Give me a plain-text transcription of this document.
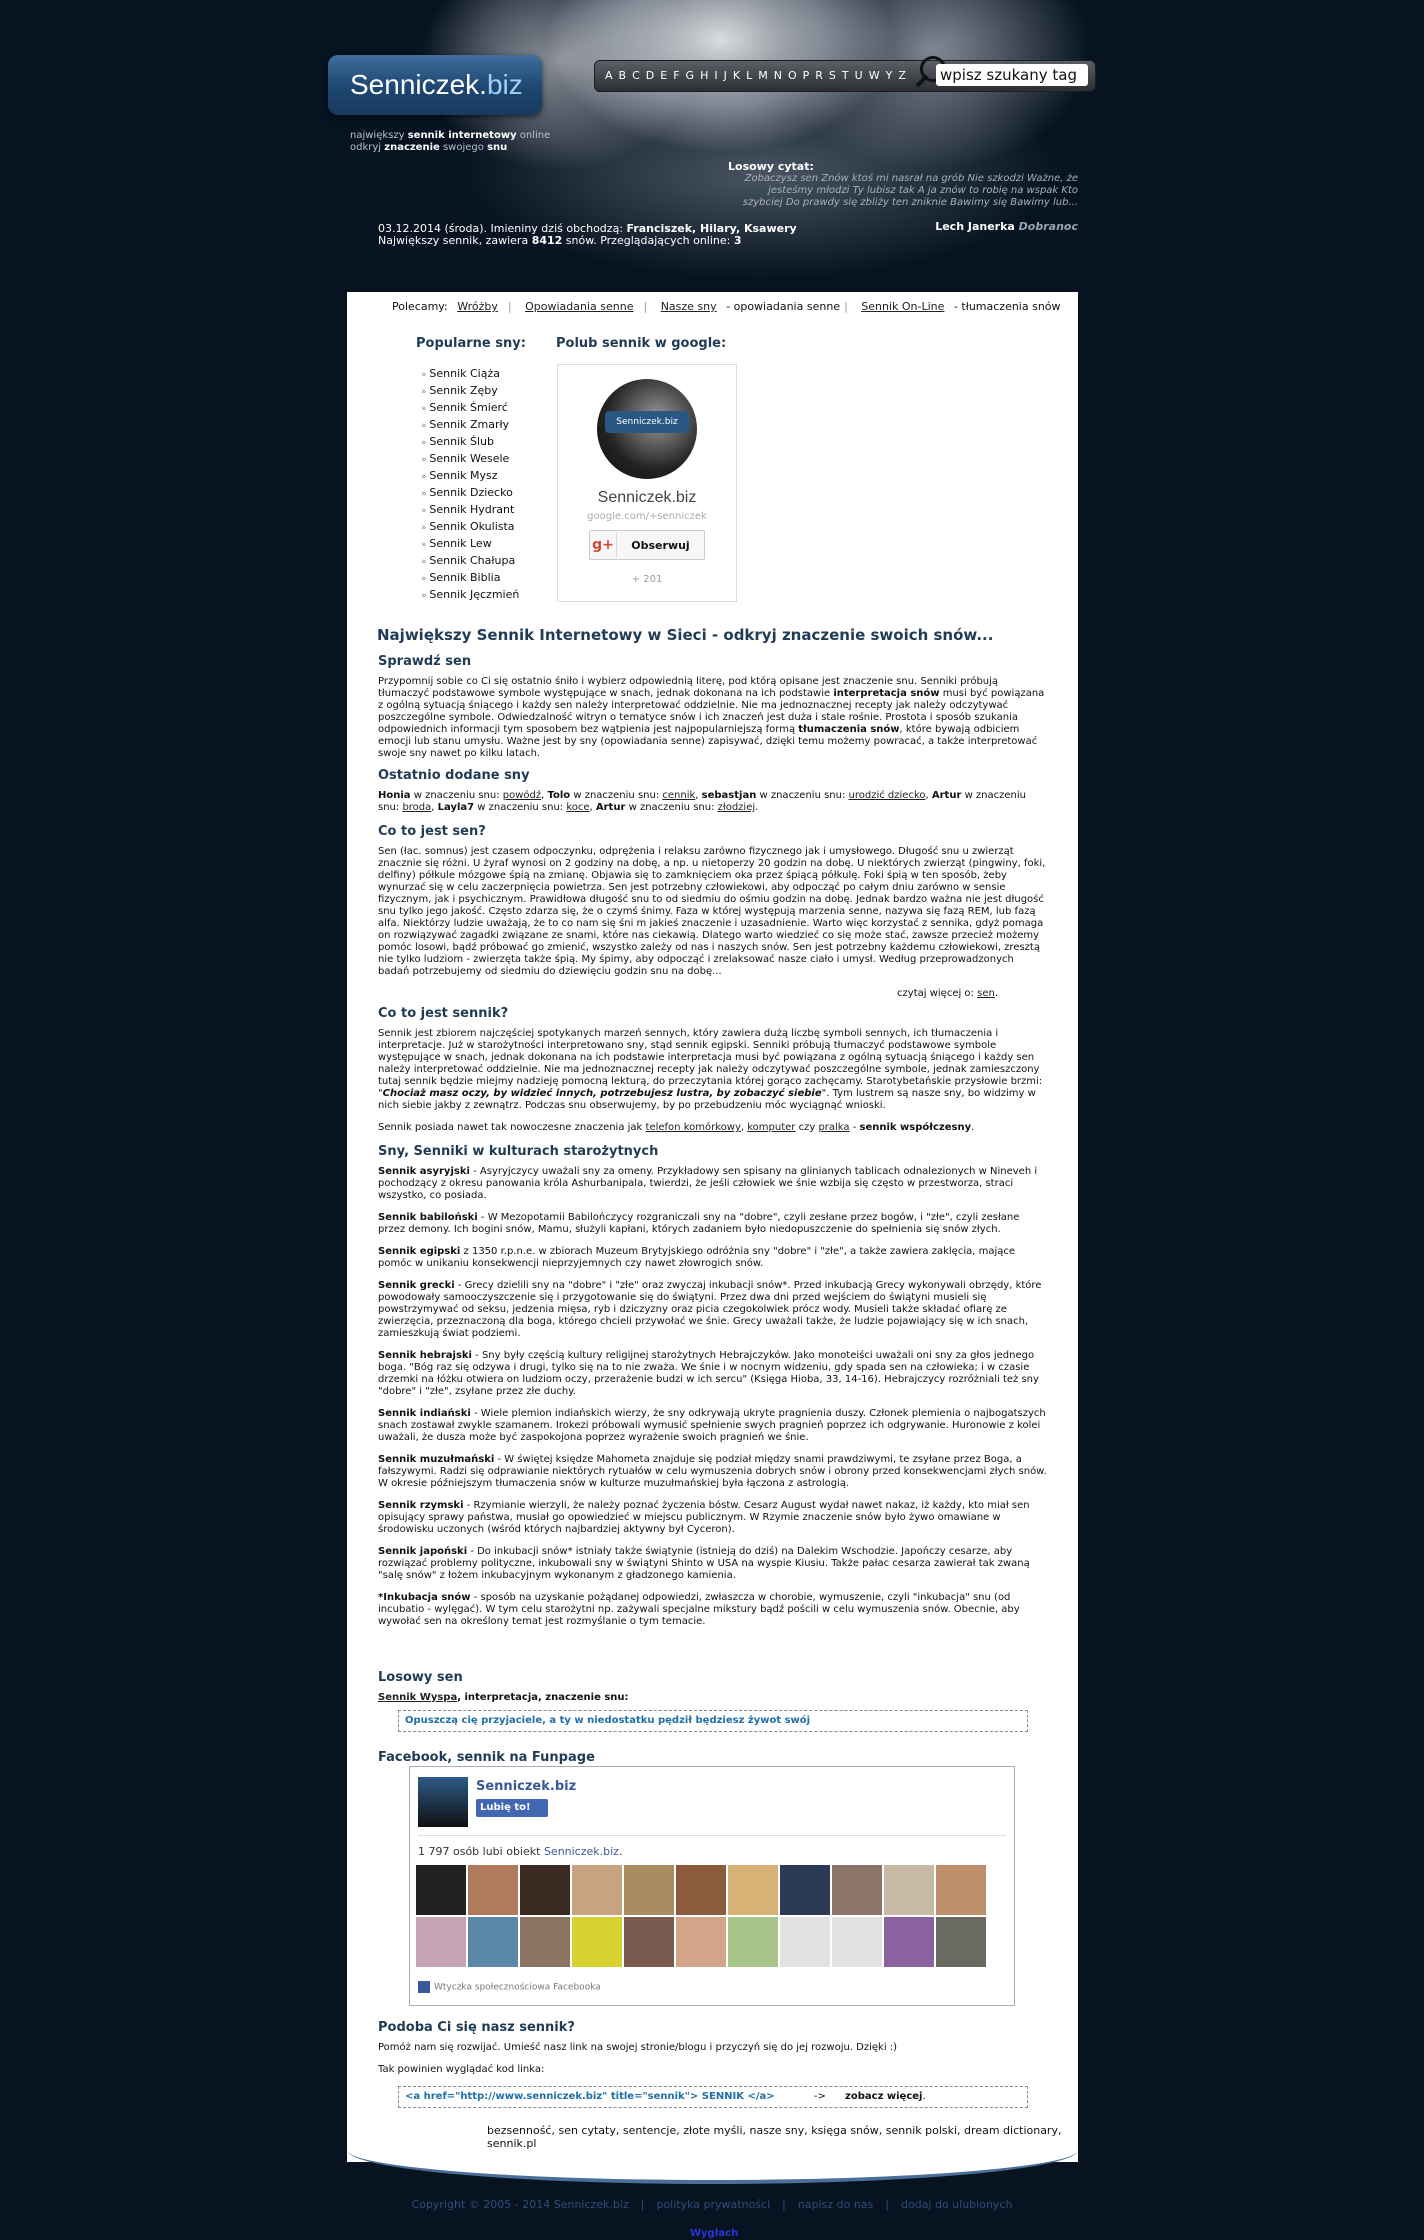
Senniczek.biz
największy sennik internetowy online
odkryj znaczenie swojego snu
A B C D E F G H I J K L M N O P R S T U W Y Z
wpisz szukany tag
Losowy cytat:
Zobaczysz sen Znów ktoś mi nasrał na grób Nie szkodzi Ważne, że jesteśmy młodzi Ty lubisz tak A ja znów to robię na wspak Kto szybciej Do prawdy się zbliży ten zniknie Bawimy się Bawimy lub...
Lech Janerka Dobranoc
03.12.2014 (środa). Imieniny dziś obchodzą: Franciszek, Hilary, Ksawery
Największy sennik, zawiera 8412 snów. Przeglądających online: 3
Polecamy: Wróżby | Opowiadania senne | Nasze sny - opowiadania senne | Sennik On-Line - tłumaczenia snów
Popularne sny:
» Sennik Ciąża
» Sennik Zęby
» Sennik Śmierć
» Sennik Zmarły
» Sennik Ślub
» Sennik Wesele
» Sennik Mysz
» Sennik Dziecko
» Sennik Hydrant
» Sennik Okulista
» Sennik Lew
» Sennik Chałupa
» Sennik Biblia
» Sennik Jęczmień
Polub sennik w google:
Senniczek.biz
Senniczek.biz
google.com/+senniczek
g+	Obserwuj
+ 201
Największy Sennik Internetowy w Sieci - odkryj znaczenie swoich snów...
Sprawdź sen

Przypomnij sobie co Ci się ostatnio śniło i wybierz odpowiednią literę, pod którą opisane jest znaczenie snu. Senniki próbują tłumaczyć podstawowe symbole występujące w snach, jednak dokonana na ich podstawie interpretacja snów musi być powiązana z ogólną sytuacją śniącego i każdy sen należy interpretować oddzielnie. Nie ma jednoznacznej recepty jak należy odczytywać poszczególne symbole. Odwiedzalność witryn o tematyce snów i ich znaczeń jest duża i stale rośnie. Prostota i sposób szukania odpowiednich informacji tym sposobem bez wątpienia jest najpopularniejszą formą tłumaczenia snów, które bywają odbiciem emocji lub stanu umysłu. Ważne jest by sny (opowiadania senne) zapisywać, dzięki temu możemy powracać, a także interpretować swoje sny nawet po kilku latach.

Ostatnio dodane sny

Honia w znaczeniu snu: powódź, Tolo w znaczeniu snu: cennik, sebastjan w znaczeniu snu: urodzić dziecko, Artur w znaczeniu snu: broda, Layla7 w znaczeniu snu: koce, Artur w znaczeniu snu: złodziej.

Co to jest sen?

Sen (łac. somnus) jest czasem odpoczynku, odprężenia i relaksu zarówno fizycznego jak i umysłowego. Długość snu u zwierząt znacznie się różni. U żyraf wynosi on 2 godziny na dobę, a np. u nietoperzy 20 godzin na dobę. U niektórych zwierząt (pingwiny, foki, delfiny) półkule mózgowe śpią na zmianę. Objawia się to zamknięciem oka przez śpiącą półkulę. Foki śpią w ten sposób, żeby wynurzać się w celu zaczerpnięcia powietrza. Sen jest potrzebny człowiekowi, aby odpocząć po całym dniu zarówno w sensie fizycznym, jak i psychicznym. Prawidłowa długość snu to od siedmiu do ośmiu godzin na dobę. Jednak bardzo ważna nie jest długość snu tylko jego jakość. Często zdarza się, że o czymś śnimy. Faza w której występują marzenia senne, nazywa się fazą REM, lub fazą alfa. Niektórzy ludzie uważają, że to co nam się śni m jakieś znaczenie i uzasadnienie. Warto więc korzystać z sennika, gdyż pomaga on rozwiązywać zagadki związane ze snami, które nas ciekawią. Dlatego warto wiedzieć co się może stać, zawsze przecież możemy pomóc losowi, bądź próbować go zmienić, wszystko zależy od nas i naszych snów. Sen jest potrzebny każdemu człowiekowi, zresztą nie tylko ludziom - zwierzęta także śpią. My śpimy, aby odpocząć i zrelaksować nasze ciało i umysł. Według przeprowadzonych badań potrzebujemy od siedmiu do dziewięciu godzin snu na dobę...

czytaj więcej o: sen.
Co to jest sennik?

Sennik jest zbiorem najczęściej spotykanych marzeń sennych, który zawiera dużą liczbę symboli sennych, ich tłumaczenia i interpretacje. Już w starożytności interpretowano sny, stąd sennik egipski. Senniki próbują tłumaczyć podstawowe symbole występujące w snach, jednak dokonana na ich podstawie interpretacja musi być powiązana z ogólną sytuacją śniącego i każdy sen należy interpretować oddzielnie. Nie ma jednoznacznej recepty jak należy odczytywać poszczególne symbole, jednak zamieszczony tutaj sennik będzie miejmy nadzieję pomocną lekturą, do przeczytania której gorąco zachęcamy. Starotybetańskie przysłowie brzmi: "Chociaż masz oczy, by widzieć innych, potrzebujesz lustra, by zobaczyć siebie". Tym lustrem są nasze sny, bo widzimy w nich siebie jakby z zewnątrz. Podczas snu obserwujemy, by po przebudzeniu móc wyciągnąć wnioski.

Sennik posiada nawet tak nowoczesne znaczenia jak telefon komórkowy, komputer czy pralka - sennik współczesny.

Sny, Senniki w kulturach starożytnych

Sennik asyryjski - Asyryjczycy uważali sny za omeny. Przykładowy sen spisany na glinianych tablicach odnalezionych w Nineveh i pochodzący z okresu panowania króla Ashurbanipala, twierdzi, że jeśli człowiek we śnie wzbija się często w przestworza, straci wszystko, co posiada.

Sennik babiloński - W Mezopotamii Babilończycy rozgraniczali sny na "dobre", czyli zesłane przez bogów, i "złe", czyli zesłane przez demony. Ich bogini snów, Mamu, służyli kapłani, których zadaniem było niedopuszczenie do spełnienia się snów złych.

Sennik egipski z 1350 r.p.n.e. w zbiorach Muzeum Brytyjskiego odróżnia sny "dobre" i "złe", a także zawiera zaklęcia, mające pomóc w unikaniu konsekwencji nieprzyjemnych czy nawet złowrogich snów.

Sennik grecki - Grecy dzielili sny na "dobre" i "złe" oraz zwyczaj inkubacji snów*. Przed inkubacją Grecy wykonywali obrzędy, które powodowały samooczyszczenie się i przygotowanie się do świątyni. Przez dwa dni przed wejściem do świątyni musieli się powstrzymywać od seksu, jedzenia mięsa, ryb i dziczyzny oraz picia czegokolwiek prócz wody. Musieli także składać ofiarę ze zwierzęcia, przeznaczoną dla boga, którego chcieli przywołać we śnie. Grecy uważali także, że ludzie pojawiający się w ich snach, zamieszkują świat podziemi.

Sennik hebrajski - Sny były częścią kultury religijnej starożytnych Hebrajczyków. Jako monoteiści uważali oni sny za głos jednego boga. "Bóg raz się odzywa i drugi, tylko się na to nie zważa. We śnie i w nocnym widzeniu, gdy spada sen na człowieka; i w czasie drzemki na łóżku otwiera on ludziom oczy, przerażenie budzi w ich sercu" (Księga Hioba, 33, 14-16). Hebrajczycy rozróżniali też sny "dobre" i "złe", zsyłane przez złe duchy.

Sennik indiański - Wiele plemion indiańskich wierzy, że sny odkrywają ukryte pragnienia duszy. Członek plemienia o najbogatszych snach zostawał zwykle szamanem. Irokezi próbowali wymusić spełnienie swych pragnień poprzez ich odgrywanie. Huronowie z kolei uważali, że dusza może być zaspokojona poprzez wyrażenie swoich pragnień we śnie.

Sennik muzułmański - W świętej księdze Mahometa znajduje się podział między snami prawdziwymi, te zsyłane przez Boga, a fałszywymi. Radzi się odprawianie niektórych rytuałów w celu wymuszenia dobrych snów i obrony przed konsekwencjami złych snów. W okresie późniejszym tłumaczenia snów w kulturze muzułmańskiej była łączona z astrologią.

Sennik rzymski - Rzymianie wierzyli, że należy poznać życzenia bóstw. Cesarz August wydał nawet nakaz, iż każdy, kto miał sen opisujący sprawy państwa, musiał go opowiedzieć w miejscu publicznym. W Rzymie znaczenie snów było żywo omawiane w środowisku uczonych (wśród których najbardziej aktywny był Cyceron).

Sennik japoński - Do inkubacji snów* istniały także świątynie (istnieją do dziś) na Dalekim Wschodzie. Japończy cesarze, aby rozwiązać problemy polityczne, inkubowali sny w świątyni Shinto w USA na wyspie Kiusiu. Także pałac cesarza zawierał tak zwaną "salę snów" z łożem inkubacyjnym wykonanym z gładzonego kamienia.

*Inkubacja snów - sposób na uzyskanie pożądanej odpowiedzi, zwłaszcza w chorobie, wymuszenie, czyli "inkubacja" snu (od incubatio - wylęgać). W tym celu starożytni np. zażywali specjalne mikstury bądź pościli w celu wymuszenia snów. Obecnie, aby wywołać sen na określony temat jest rozmyślanie o tym temacie.

Losowy sen
Sennik Wyspa, interpretacja, znaczenie snu:
Opuszczą cię przyjaciele, a ty w niedostatku pędził będziesz żywot swój
Facebook, sennik na Funpage
Senniczek.biz
Lubię to!
1 797 osób lubi obiekt Senniczek.biz.
Wtyczka społecznościowa Facebooka
Podoba Ci się nasz sennik?

Pomóż nam się rozwijać. Umieść nasz link na swojej stronie/blogu i przyczyń się do jej rozwoju. Dzięki :)

Tak powinien wyglądać kod linka:

<a href="http://www.senniczek.biz" title="sennik"> SENNIK </a>	-> zobacz więcej.
bezsenność, sen cytaty, sentencje, złote myśli, nasze sny, księga snów, sennik polski, dream dictionary, sennik.pl
Copyright © 2005 - 2014 Senniczek.biz | polityka prywatności | napisz do nas | dodaj do ulubionych
Wygłach
